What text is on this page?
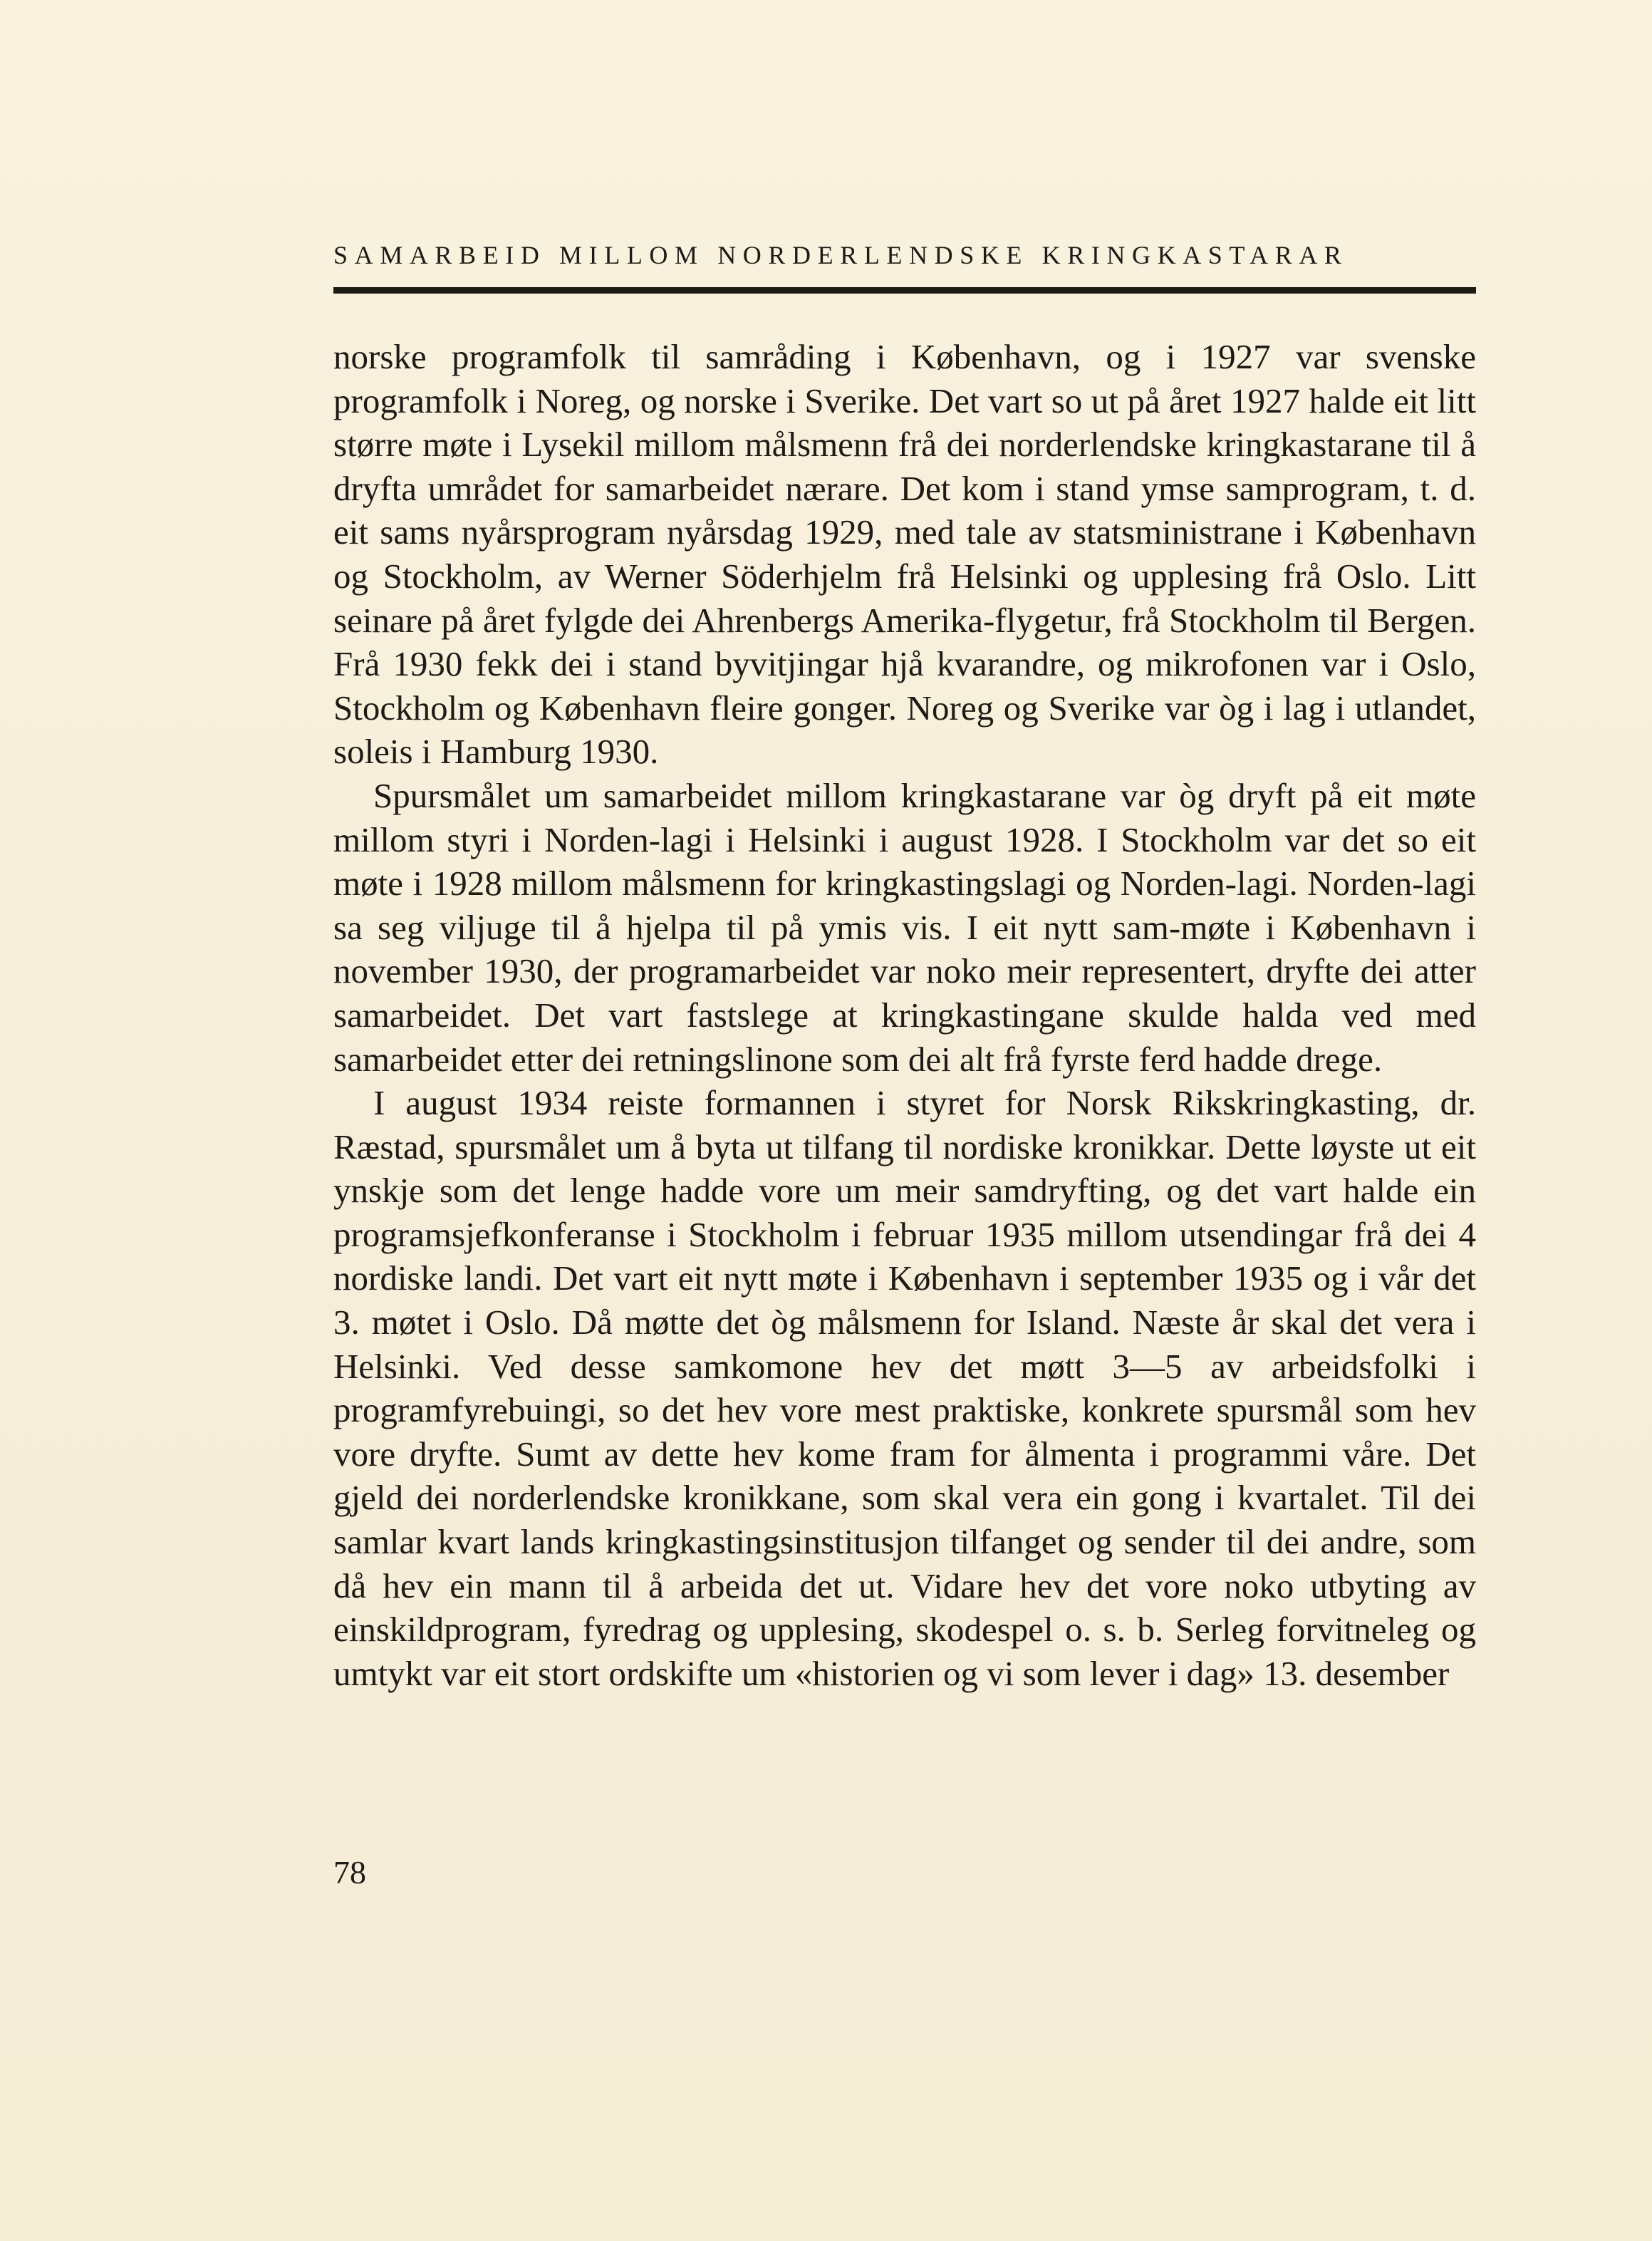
SAMARBEID MILLOM NORDERLENDSKE KRINGKASTARAR

norske programfolk til samråding i København, og i 1927 var svenske programfolk i Noreg, og norske i Sverike. Det vart so ut på året 1927 halde eit litt større møte i Lysekil millom målsmenn frå dei norderlendske kringkastarane til å dryfta umrådet for samarbeidet nærare. Det kom i stand ymse samprogram, t. d. eit sams nyårsprogram nyårsdag 1929, med tale av statsministrane i København og Stockholm, av Werner Söderhjelm frå Helsinki og upplesing frå Oslo. Litt seinare på året fylgde dei Ahrenbergs Amerika-flygetur, frå Stockholm til Bergen. Frå 1930 fekk dei i stand byvitjingar hjå kvarandre, og mikrofonen var i Oslo, Stockholm og København fleire gonger. Noreg og Sverike var òg i lag i utlandet, soleis i Hamburg 1930.

Spursmålet um samarbeidet millom kringkastarane var òg dryft på eit møte millom styri i Norden-lagi i Helsinki i august 1928. I Stockholm var det so eit møte i 1928 millom målsmenn for kringkastingslagi og Norden-lagi. Norden-lagi sa seg viljuge til å hjelpa til på ymis vis. I eit nytt sam-møte i København i november 1930, der programarbeidet var noko meir representert, dryfte dei atter samarbeidet. Det vart fastslege at kringkastingane skulde halda ved med samarbeidet etter dei retningslinone som dei alt frå fyrste ferd hadde drege.

I august 1934 reiste formannen i styret for Norsk Rikskringkasting, dr. Ræstad, spursmålet um å byta ut tilfang til nordiske kronikkar. Dette løyste ut eit ynskje som det lenge hadde vore um meir samdryfting, og det vart halde ein programsjefkonferanse i Stockholm i februar 1935 millom utsendingar frå dei 4 nordiske landi. Det vart eit nytt møte i København i september 1935 og i vår det 3. møtet i Oslo. Då møtte det òg målsmenn for Island. Næste år skal det vera i Helsinki. Ved desse samkomone hev det møtt 3—5 av arbeidsfolki i programfyrebuingi, so det hev vore mest praktiske, konkrete spursmål som hev vore dryfte. Sumt av dette hev kome fram for ålmenta i programmi våre. Det gjeld dei norderlendske kronikkane, som skal vera ein gong i kvartalet. Til dei samlar kvart lands kringkastingsinstitusjon tilfanget og sender til dei andre, som då hev ein mann til å arbeida det ut. Vidare hev det vore noko utbyting av einskildprogram, fyredrag og upplesing, skodespel o. s. b. Serleg forvitneleg og umtykt var eit stort ordskifte um «historien og vi som lever i dag» 13. desember

78
